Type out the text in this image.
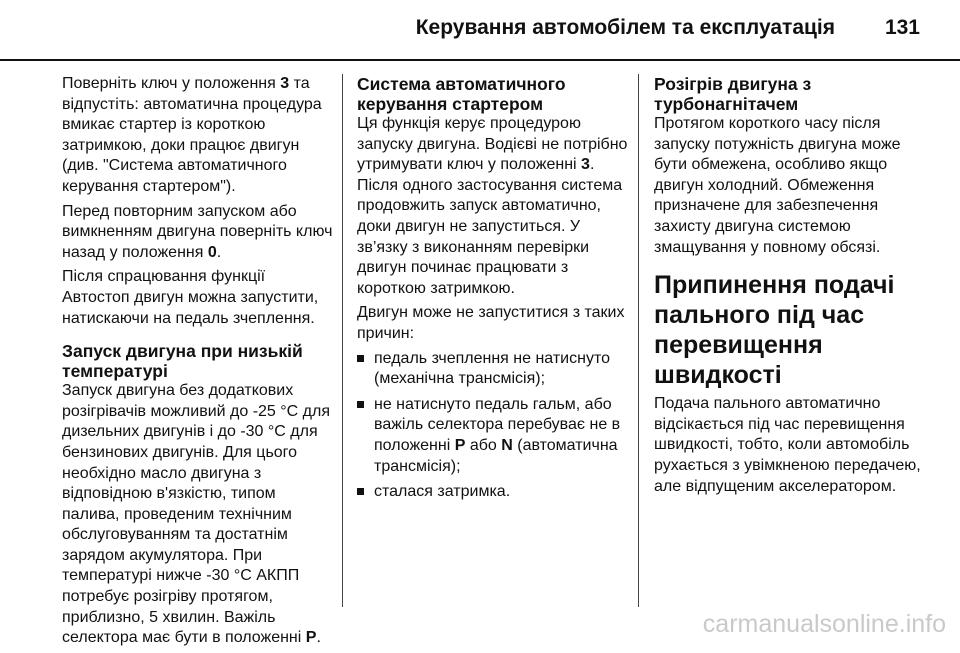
Керування автомобілем та експлуатація 131

Поверніть ключ у положення 3 та відпустіть: автоматична процедура вмикає стартер із короткою затримкою, доки працює двигун (див. "Система автоматичного керування стартером").

Перед повторним запуском або вимкненням двигуна поверніть ключ назад у положення 0.

Після спрацювання функції Автостоп двигун можна запустити, натискаючи на педаль зчеплення.

Запуск двигуна при низькій температурі

Запуск двигуна без додаткових розігрівачів можливий до -25 °C для дизельних двигунів і до -30 °C для бензинових двигунів. Для цього необхідно масло двигуна з відповідною в'язкістю, типом палива, проведеним технічним обслуговуванням та достатнім зарядом акумулятора. При температурі нижче -30 °C АКПП потребує розігріву протягом, приблизно, 5 хвилин. Важіль селектора має бути в положенні P.

Система автоматичного керування стартером

Ця функція керує процедурою запуску двигуна. Водієві не потрібно утримувати ключ у положенні 3. Після одного застосування система продовжить запуск автоматично, доки двигун не запуститься. У зв’язку з виконанням перевірки двигун починає працювати з короткою затримкою.

Двигун може не запуститися з таких причин:

педаль зчеплення не натиснуто (механічна трансмісія);
не натиснуто педаль гальм, або важіль селектора перебуває не в положенні P або N (автоматична трансмісія);
сталася затримка.
Розігрів двигуна з турбонагнітачем

Протягом короткого часу після запуску потужність двигуна може бути обмежена, особливо якщо двигун холодний. Обмеження призначене для забезпечення захисту двигуна системою змащування у повному обсязі.

Припинення подачі пального під час перевищення швидкості

Подача пального автоматично відсікається під час перевищення швидкості, тобто, коли автомобіль рухається з увімкненою передачею, але відпущеним акселератором.

carmanualsonline.info
